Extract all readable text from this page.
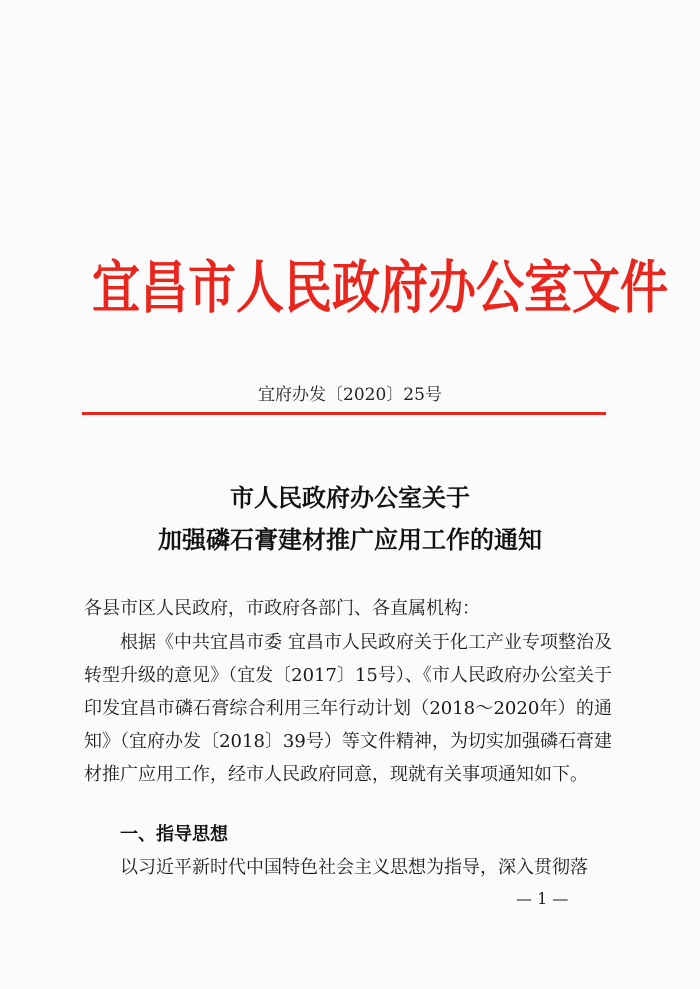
宜昌市人民政府办公室文件
宜府办发〔2020〕25号
市人民政府办公室关于
加强磷石膏建材推广应用工作的通知
各县市区人民政府，市政府各部门、各直属机构：
根据《中共宜昌市委 宜昌市人民政府关于化工产业专项整治及转型升级的意见》（宜发〔2017〕15号）、《市人民政府办公室关于印发宜昌市磷石膏综合利用三年行动计划（2018～2020年）的通知》（宜府办发〔2018〕39号）等文件精神，为切实加强磷石膏建材推广应用工作，经市人民政府同意，现就有关事项通知如下。
一、指导思想
以习近平新时代中国特色社会主义思想为指导，深入贯彻落
— 1 —
